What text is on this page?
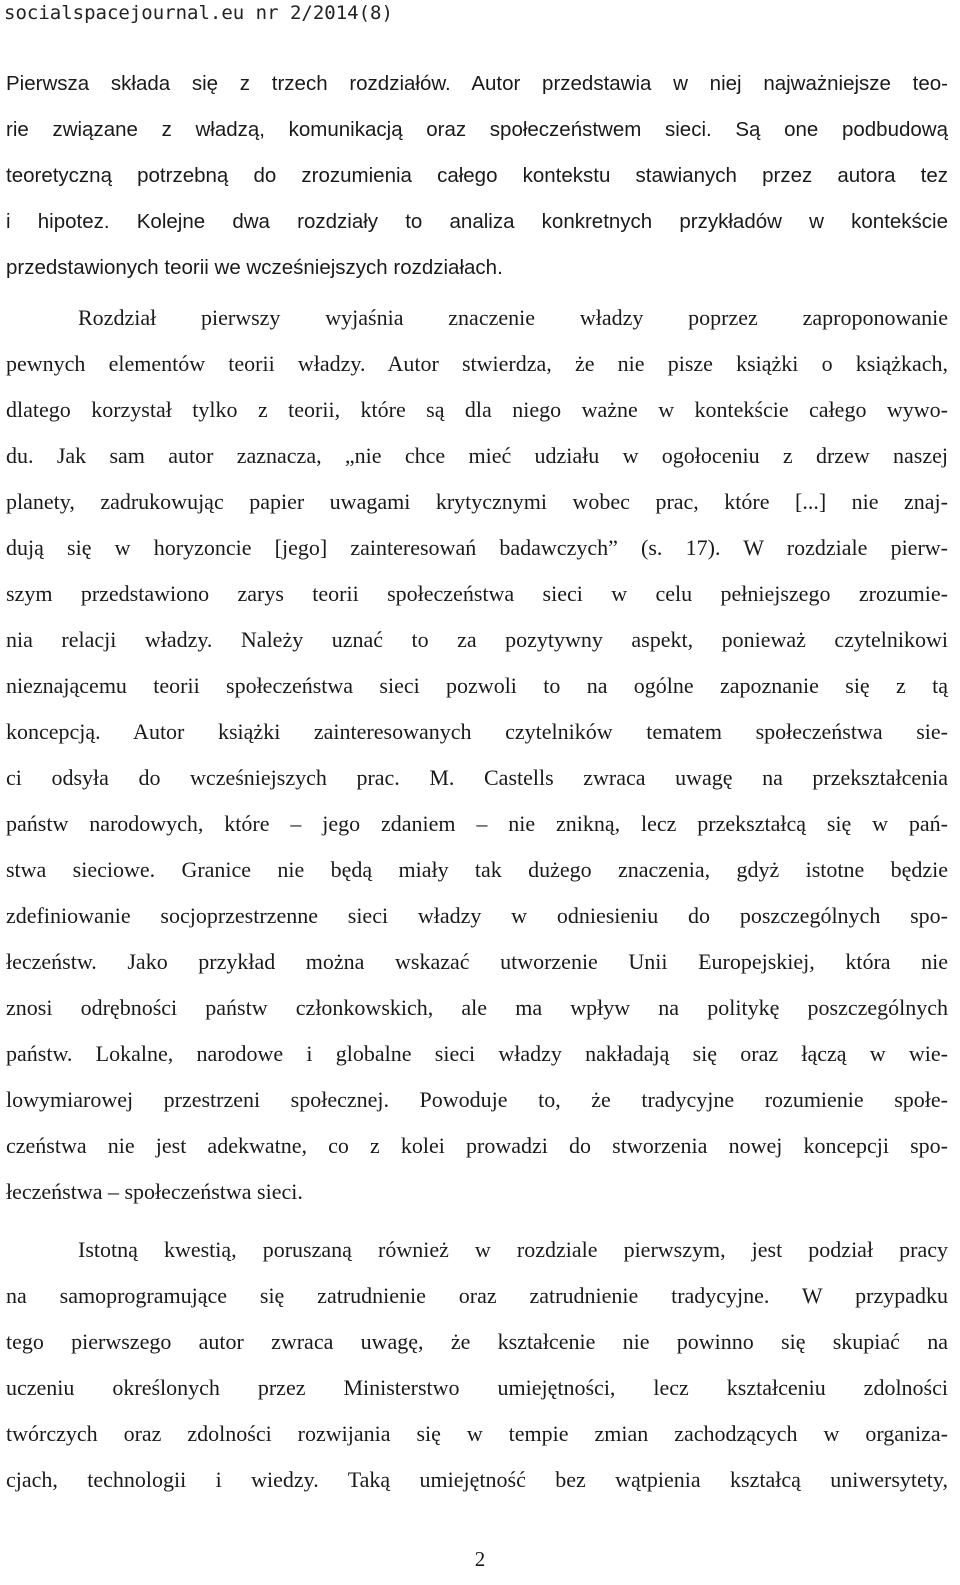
socialspacejournal.eu nr 2/2014(8)
Pierwsza składa się z trzech rozdziałów. Autor przedstawia w niej najważniejsze teo-
rie związane z władzą, komunikacją oraz społeczeństwem sieci. Są one podbudową
teoretyczną potrzebną do zrozumienia całego kontekstu stawianych przez autora tez
i hipotez. Kolejne dwa rozdziały to analiza konkretnych przykładów w kontekście
przedstawionych teorii we wcześniejszych rozdziałach.
Rozdział pierwszy wyjaśnia znaczenie władzy poprzez zaproponowanie
pewnych elementów teorii władzy. Autor stwierdza, że nie pisze książki o książkach,
dlatego korzystał tylko z teorii, które są dla niego ważne w kontekście całego wywo-
du. Jak sam autor zaznacza, „nie chce mieć udziału w ogołoceniu z drzew naszej
planety, zadrukowując papier uwagami krytycznymi wobec prac, które [...] nie znaj-
dują się w horyzoncie [jego] zainteresowań badawczych” (s. 17). W rozdziale pierw-
szym przedstawiono zarys teorii społeczeństwa sieci w celu pełniejszego zrozumie-
nia relacji władzy. Należy uznać to za pozytywny aspekt, ponieważ czytelnikowi
nieznającemu teorii społeczeństwa sieci pozwoli to na ogólne zapoznanie się z tą
koncepcją. Autor książki zainteresowanych czytelników tematem społeczeństwa sie-
ci odsyła do wcześniejszych prac. M. Castells zwraca uwagę na przekształcenia
państw narodowych, które – jego zdaniem – nie znikną, lecz przekształcą się w pań-
stwa sieciowe. Granice nie będą miały tak dużego znaczenia, gdyż istotne będzie
zdefiniowanie socjoprzestrzenne sieci władzy w odniesieniu do poszczególnych spo-
łeczeństw. Jako przykład można wskazać utworzenie Unii Europejskiej, która nie
znosi odrębności państw członkowskich, ale ma wpływ na politykę poszczególnych
państw. Lokalne, narodowe i globalne sieci władzy nakładają się oraz łączą w wie-
lowymiarowej przestrzeni społecznej. Powoduje to, że tradycyjne rozumienie społe-
czeństwa nie jest adekwatne, co z kolei prowadzi do stworzenia nowej koncepcji spo-
łeczeństwa – społeczeństwa sieci.
Istotną kwestią, poruszaną również w rozdziale pierwszym, jest podział pracy
na samoprogramujące się zatrudnienie oraz zatrudnienie tradycyjne. W przypadku
tego pierwszego autor zwraca uwagę, że kształcenie nie powinno się skupiać na
uczeniu określonych przez Ministerstwo umiejętności, lecz kształceniu zdolności
twórczych oraz zdolności rozwijania się w tempie zmian zachodzących w organiza-
cjach, technologii i wiedzy. Taką umiejętność bez wątpienia kształcą uniwersytety,
2
